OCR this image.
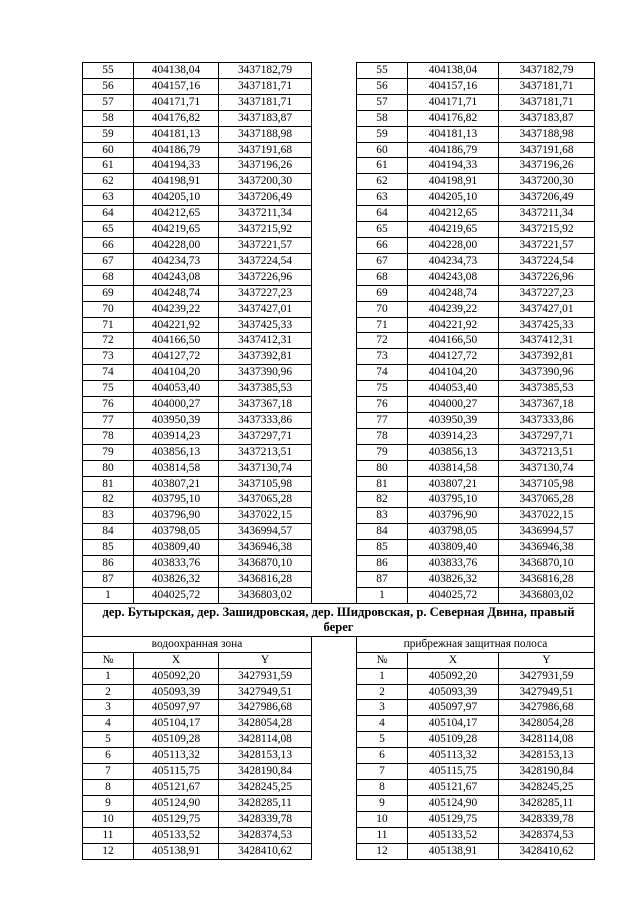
55	404138,04	3437182,79		55	404138,04	3437182,79
56	404157,16	3437181,71		56	404157,16	3437181,71
57	404171,71	3437181,71		57	404171,71	3437181,71
58	404176,82	3437183,87		58	404176,82	3437183,87
59	404181,13	3437188,98		59	404181,13	3437188,98
60	404186,79	3437191,68		60	404186,79	3437191,68
61	404194,33	3437196,26		61	404194,33	3437196,26
62	404198,91	3437200,30		62	404198,91	3437200,30
63	404205,10	3437206,49		63	404205,10	3437206,49
64	404212,65	3437211,34		64	404212,65	3437211,34
65	404219,65	3437215,92		65	404219,65	3437215,92
66	404228,00	3437221,57		66	404228,00	3437221,57
67	404234,73	3437224,54		67	404234,73	3437224,54
68	404243,08	3437226,96		68	404243,08	3437226,96
69	404248,74	3437227,23		69	404248,74	3437227,23
70	404239,22	3437427,01		70	404239,22	3437427,01
71	404221,92	3437425,33		71	404221,92	3437425,33
72	404166,50	3437412,31		72	404166,50	3437412,31
73	404127,72	3437392,81		73	404127,72	3437392,81
74	404104,20	3437390,96		74	404104,20	3437390,96
75	404053,40	3437385,53		75	404053,40	3437385,53
76	404000,27	3437367,18		76	404000,27	3437367,18
77	403950,39	3437333,86		77	403950,39	3437333,86
78	403914,23	3437297,71		78	403914,23	3437297,71
79	403856,13	3437213,51		79	403856,13	3437213,51
80	403814,58	3437130,74		80	403814,58	3437130,74
81	403807,21	3437105,98		81	403807,21	3437105,98
82	403795,10	3437065,28		82	403795,10	3437065,28
83	403796,90	3437022,15		83	403796,90	3437022,15
84	403798,05	3436994,57		84	403798,05	3436994,57
85	403809,40	3436946,38		85	403809,40	3436946,38
86	403833,76	3436870,10		86	403833,76	3436870,10
87	403826,32	3436816,28		87	403826,32	3436816,28
1	404025,72	3436803,02		1	404025,72	3436803,02
дер. Бутырская, дер. Зашидровская, дер. Шидровская, р. Северная Двина, правый берег						
водоохранная зона				прибрежная защитная полоса		
№	X	Y		№	X	Y
1	405092,20	3427931,59		1	405092,20	3427931,59
2	405093,39	3427949,51		2	405093,39	3427949,51
3	405097,97	3427986,68		3	405097,97	3427986,68
4	405104,17	3428054,28		4	405104,17	3428054,28
5	405109,28	3428114,08		5	405109,28	3428114,08
6	405113,32	3428153,13		6	405113,32	3428153,13
7	405115,75	3428190,84		7	405115,75	3428190,84
8	405121,67	3428245,25		8	405121,67	3428245,25
9	405124,90	3428285,11		9	405124,90	3428285,11
10	405129,75	3428339,78		10	405129,75	3428339,78
11	405133,52	3428374,53		11	405133,52	3428374,53
12	405138,91	3428410,62		12	405138,91	3428410,62
